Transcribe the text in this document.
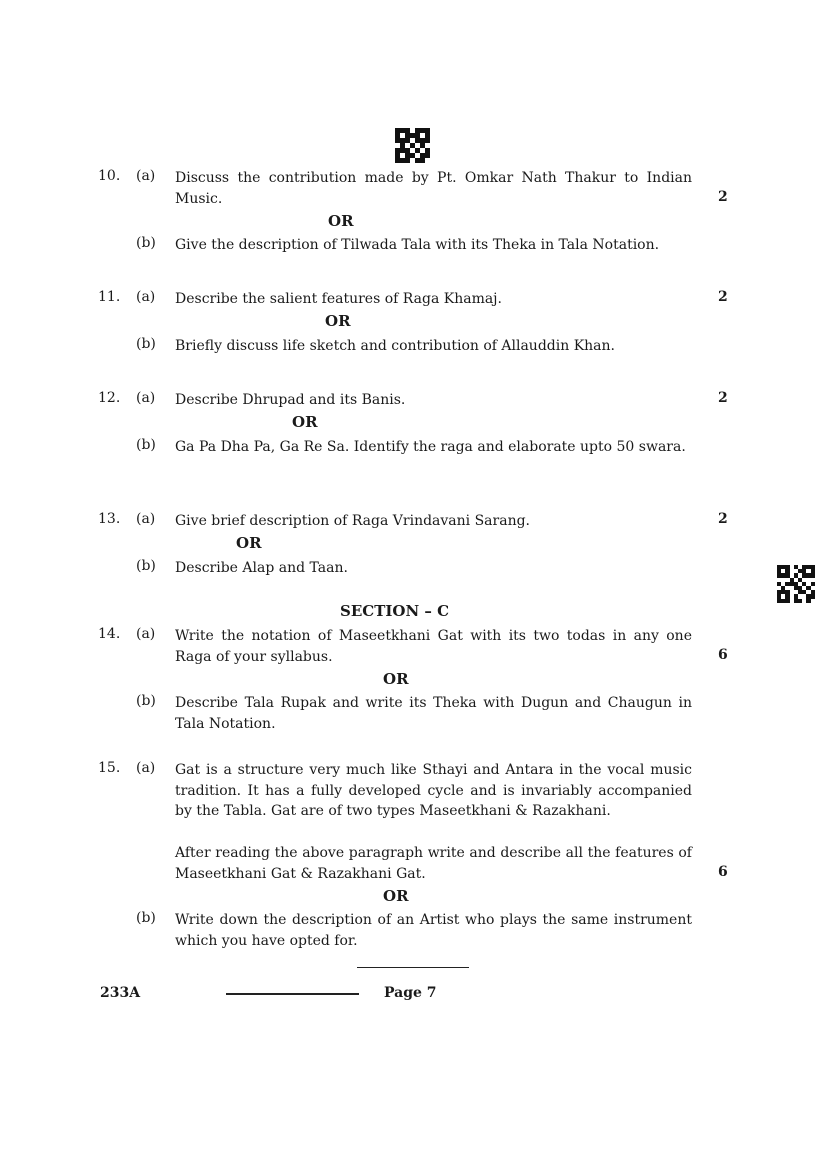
10. (a) Discuss the contribution made by Pt. Omkar Nath Thakur to Indian Music.	2
OR
(b) Give the description of Tilwada Tala with its Theka in Tala Notation.
11. (a) Describe the salient features of Raga Khamaj.	2
OR
(b) Briefly discuss life sketch and contribution of Allauddin Khan.
12. (a) Describe Dhrupad and its Banis.	2
OR
(b) Ga Pa Dha Pa, Ga Re Sa. Identify the raga and elaborate upto 50 swara.
13. (a) Give brief description of Raga Vrindavani Sarang.	2
OR
(b) Describe Alap and Taan.
SECTION – C
14. (a) Write the notation of Maseetkhani Gat with its two todas in any one Raga of your syllabus.	6
OR
(b) Describe Tala Rupak and write its Theka with Dugun and Chaugun in Tala Notation.
15. (a) Gat is a structure very much like Sthayi and Antara in the vocal music tradition. It has a fully developed cycle and is invariably accompanied by the Tabla. Gat are of two types Maseetkhani & Razakhani.
After reading the above paragraph write and describe all the features of Maseetkhani Gat & Razakhani Gat.	6
OR
(b) Write down the description of an Artist who plays the same instrument which you have opted for.
233A	Page 7
